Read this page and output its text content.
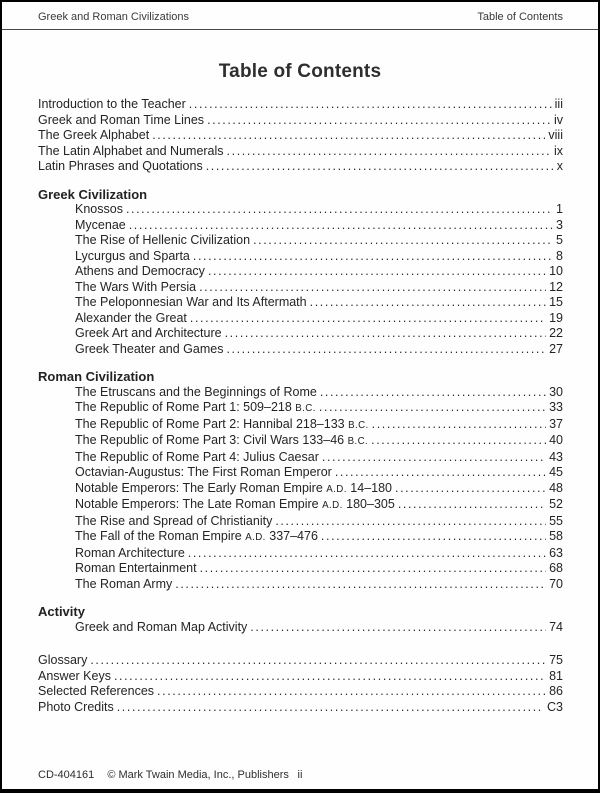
Greek and Roman Civilizations	Table of Contents
Table of Contents
Introduction to the Teacher .....	iii
Greek and Roman Time Lines .....	iv
The Greek Alphabet .....	viii
The Latin Alphabet and Numerals .....	ix
Latin Phrases and Quotations .....	x
Greek Civilization
Knossos .....	1
Mycenae .....	3
The Rise of Hellenic Civilization .....	5
Lycurgus and Sparta .....	8
Athens and Democracy .....	10
The Wars With Persia .....	12
The Peloponnesian War and Its Aftermath .....	15
Alexander the Great .....	19
Greek Art and Architecture .....	22
Greek Theater and Games .....	27
Roman Civilization
The Etruscans and the Beginnings of Rome .....	30
The Republic of Rome Part 1: 509–218 B.C. .....	33
The Republic of Rome Part 2: Hannibal 218–133 B.C. .....	37
The Republic of Rome Part 3: Civil Wars 133–46 B.C. .....	40
The Republic of Rome Part 4: Julius Caesar .....	43
Octavian-Augustus: The First Roman Emperor .....	45
Notable Emperors: The Early Roman Empire A.D. 14–180 .....	48
Notable Emperors: The Late Roman Empire A.D. 180–305 .....	52
The Rise and Spread of Christianity .....	55
The Fall of the Roman Empire A.D. 337–476 .....	58
Roman Architecture .....	63
Roman Entertainment .....	68
The Roman Army .....	70
Activity
Greek and Roman Map Activity .....	74
Glossary .....	75
Answer Keys .....	81
Selected References .....	86
Photo Credits .....	C3
CD-404161 © Mark Twain Media, Inc., Publishers ii
